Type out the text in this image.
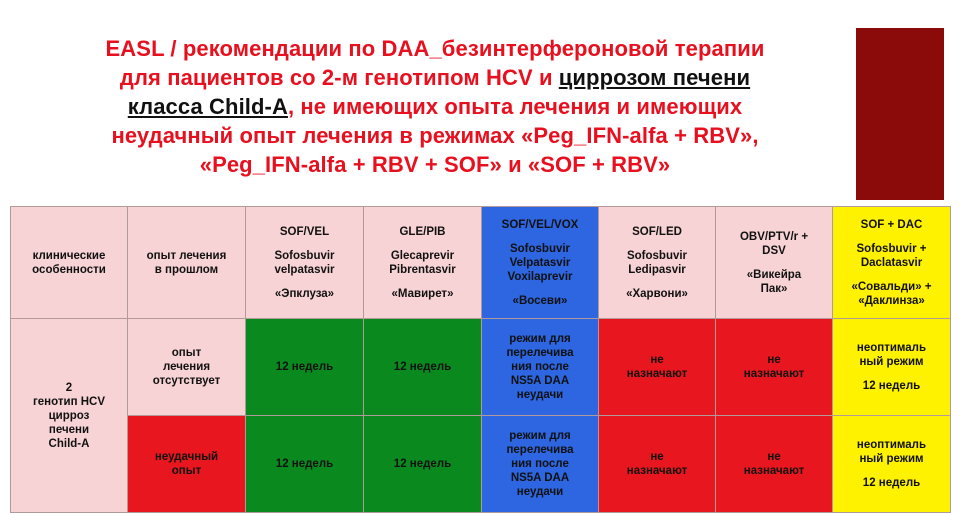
EASL / рекомендации по DAA_безинтерфероновой терапии
для пациентов со 2-м генотипом HCV и циррозом печени
класса Child-A, не имеющих опыта лечения и имеющих
неудачный опыт лечения в режимах «Peg_IFN-alfa + RBV»,
«Peg_IFN-alfa + RBV + SOF» и «SOF + RBV»
клинические
особенности	опыт лечения
в прошлом	SOF/VEL
Sofosbuvir
velpatasvir
«Эпклуза»	GLE/PIB
Glecaprevir
Pibrentasvir
«Мавирет»	SOF/VEL/VOX
Sofosbuvir
Velpatasvir
Voxilaprevir
«Восеви»	SOF/LED
Sofosbuvir
Ledipasvir
«Харвони»	OBV/PTV/r +
DSV
«Викейра
Пак»	SOF + DAC
Sofosbuvir +
Daclatasvir
«Совальди» +
«Даклинза»

2
генотип HCV
цирроз
печени
Child-A	опыт
лечения
отсутствует	12 недель	12 недель	режим для
перелечива
ния после
NS5A DAA
неудачи	не
назначают	не
назначают	неоптималь
ный режим
12 недель

	неудачный
опыт	12 недель	12 недель	режим для
перелечива
ния после
NS5A DAA
неудачи	не
назначают	не
назначают	неоптималь
ный режим
12 недель
